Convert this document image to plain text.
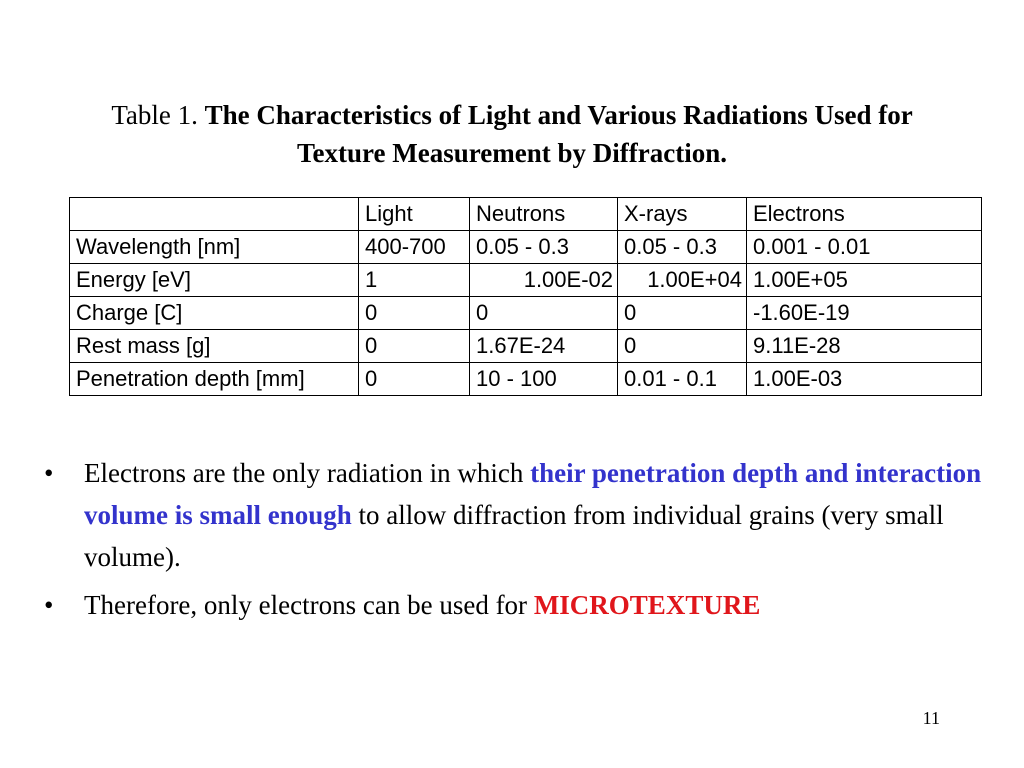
Table 1. The Characteristics of Light and Various Radiations Used for
Texture Measurement by Diffraction.
	Light	Neutrons	X-rays	Electrons
Wavelength [nm]	400-700	0.05 - 0.3	0.05 - 0.3	0.001 - 0.01
Energy [eV]	1	1.00E-02	1.00E+04	1.00E+05
Charge [C]	0	0	0	-1.60E-19
Rest mass [g]	0	1.67E-24	0	9.11E-28
Penetration depth [mm]	0	10 - 100	0.01 - 0.1	1.00E-03
• Electrons are the only radiation in which their penetration depth and interaction volume is small enough to allow diffraction from individual grains (very small volume).
• Therefore, only electrons can be used for MICROTEXTURE
11
